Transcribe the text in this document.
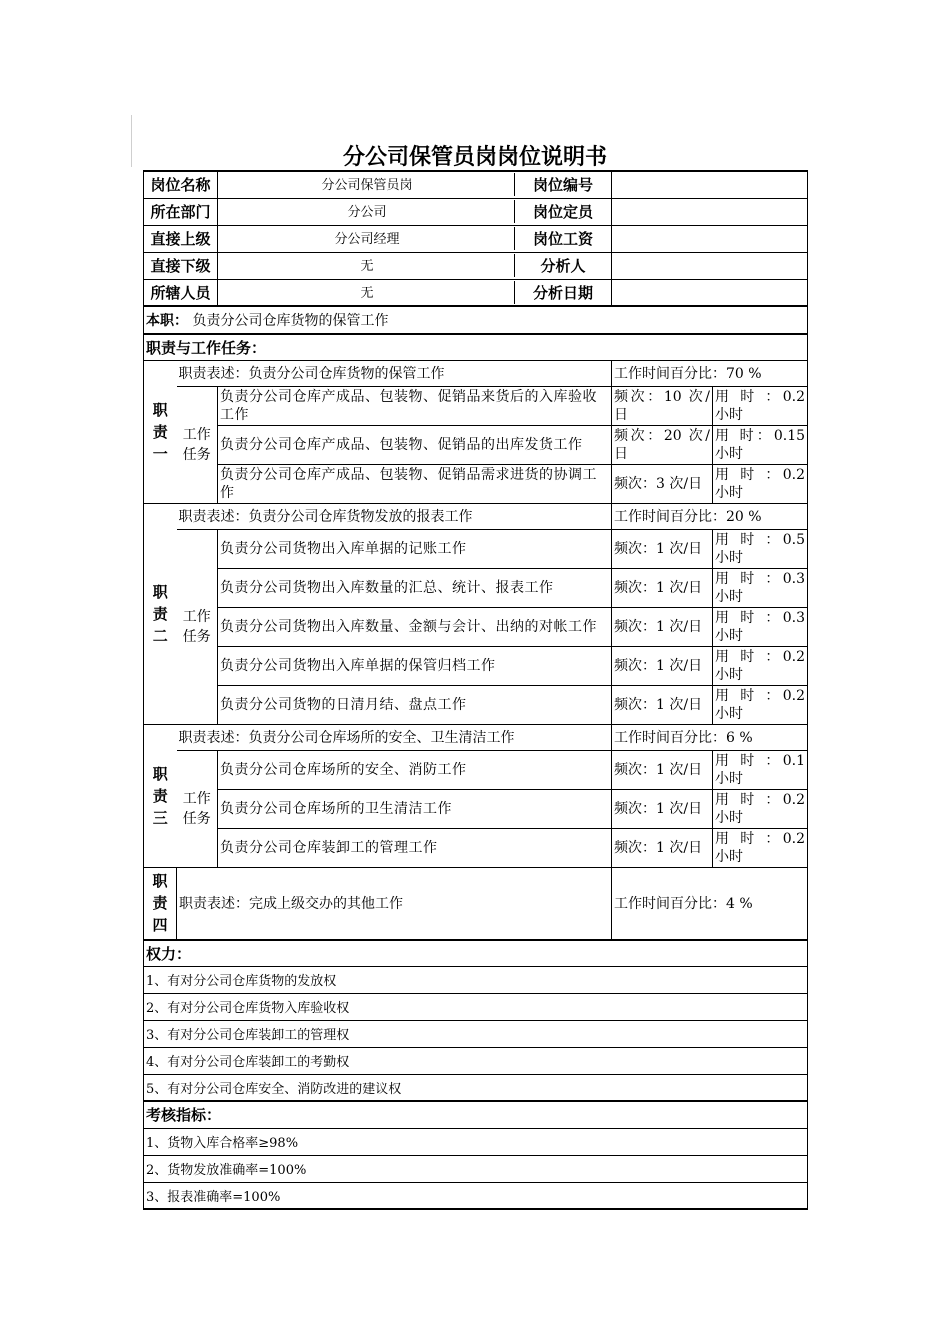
分公司保管员岗岗位说明书
岗位名称		分公司保管员岗 岗位编号		

所在部门		分公司 岗位定员		

直接上级		分公司经理 岗位工资		

直接下级		无 分析人		

所辖人员		无 分析日期		

本职： 负责分公司仓库货物的保管工作				
职责与工作任务：				

职责一	职责表述：负责分公司仓库货物的保管工作		工作时间百分比：70 %	

	工作任务	负责分公司仓库产成品、包装物、促销品来货后的入库验收工作	频次：10 次/日	用 时 ：0.2 小时
		负责分公司仓库产成品、包装物、促销品的出库发货工作	频次：20 次/日	用 时：0.15 小时
		负责分公司仓库产成品、包装物、促销品需求进货的协调工作	频次：3 次/日	用 时 ：0.2 小时

职责二	职责表述：负责分公司仓库货物发放的报表工作		工作时间百分比：20 %	

	工作任务	负责分公司货物出入库单据的记账工作	频次：1 次/日	用 时 ：0.5 小时
		负责分公司货物出入库数量的汇总、统计、报表工作	频次：1 次/日	用 时 ：0.3 小时
		负责分公司货物出入库数量、金额与会计、出纳的对帐工作	频次：1 次/日	用 时 ：0.3 小时
		负责分公司货物出入库单据的保管归档工作	频次：1 次/日	用 时 ：0.2 小时
		负责分公司货物的日清月结、盘点工作	频次：1 次/日	用 时 ：0.2 小时

职责三	职责表述：负责分公司仓库场所的安全、卫生清洁工作		工作时间百分比：6 %	

	工作任务	负责分公司仓库场所的安全、消防工作	频次：1 次/日	用 时 ：0.1 小时
		负责分公司仓库场所的卫生清洁工作	频次：1 次/日	用 时 ：0.2 小时
		负责分公司仓库装卸工的管理工作	频次：1 次/日	用 时 ：0.2 小时

职责四	职责表述：完成上级交办的其他工作		工作时间百分比：4 %	
权力：				
1、有对分公司仓库货物的发放权				
2、有对分公司仓库货物入库验收权				
3、有对分公司仓库装卸工的管理权				
4、有对分公司仓库装卸工的考勤权				
5、有对分公司仓库安全、消防改进的建议权				
考核指标：				
1、货物入库合格率≥98%				
2、货物发放准确率=100%				
3、报表准确率=100%				
